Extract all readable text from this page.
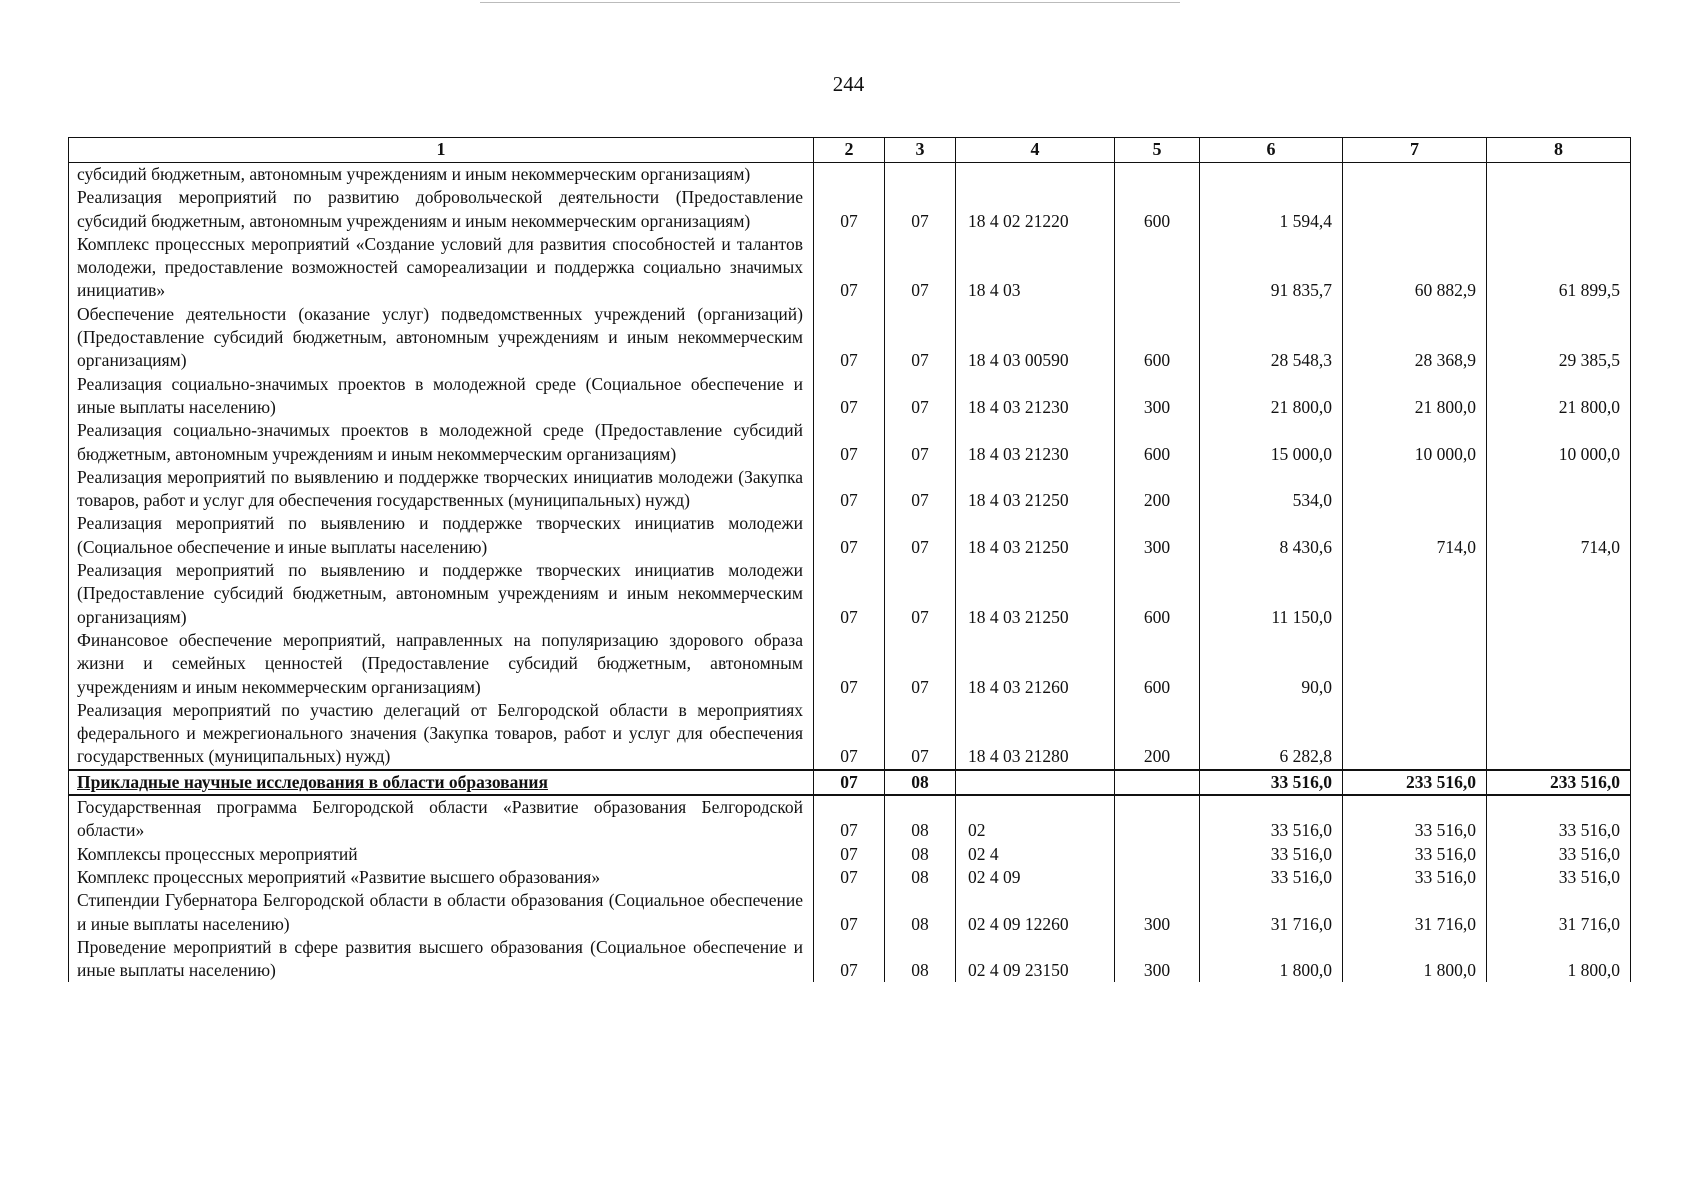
244
1	2	3	4	5	6	7	8
субсидий бюджетным, автономным учреждениям и иным некоммерческим организациям)							
Реализация мероприятий по развитию добровольческой деятельности (Предоставление субсидий бюджетным, автономным учреждениям и иным некоммерческим организациям)	07	07	18 4 02 21220	600	1 594,4		
Комплекс процессных мероприятий «Создание условий для развития способностей и талантов молодежи, предоставление возможностей самореализации и поддержка социально значимых инициатив»	07	07	18 4 03		91 835,7	60 882,9	61 899,5
Обеспечение деятельности (оказание услуг) подведомственных учреждений (организаций) (Предоставление субсидий бюджетным, автономным учреждениям и иным некоммерческим организациям)	07	07	18 4 03 00590	600	28 548,3	28 368,9	29 385,5
Реализация социально-значимых проектов в молодежной среде (Социальное обеспечение и иные выплаты населению)	07	07	18 4 03 21230	300	21 800,0	21 800,0	21 800,0
Реализация социально-значимых проектов в молодежной среде (Предоставление субсидий бюджетным, автономным учреждениям и иным некоммерческим организациям)	07	07	18 4 03 21230	600	15 000,0	10 000,0	10 000,0
Реализация мероприятий по выявлению и поддержке творческих инициатив молодежи (Закупка товаров, работ и услуг для обеспечения государственных (муниципальных) нужд)	07	07	18 4 03 21250	200	534,0		
Реализация мероприятий по выявлению и поддержке творческих инициатив молодежи (Социальное обеспечение и иные выплаты населению)	07	07	18 4 03 21250	300	8 430,6	714,0	714,0
Реализация мероприятий по выявлению и поддержке творческих инициатив молодежи (Предоставление субсидий бюджетным, автономным учреждениям и иным некоммерческим организациям)	07	07	18 4 03 21250	600	11 150,0		
Финансовое обеспечение мероприятий, направленных на популяризацию здорового образа жизни и семейных ценностей (Предоставление субсидий бюджетным, автономным учреждениям и иным некоммерческим организациям)	07	07	18 4 03 21260	600	90,0		
Реализация мероприятий по участию делегаций от Белгородской области в мероприятиях федерального и межрегионального значения (Закупка товаров, работ и услуг для обеспечения государственных (муниципальных) нужд)	07	07	18 4 03 21280	200	6 282,8		
Прикладные научные исследования в области образования	07	08			33 516,0	233 516,0	233 516,0
Государственная программа Белгородской области «Развитие образования Белгородской области»	07	08	02		33 516,0	33 516,0	33 516,0
Комплексы процессных мероприятий	07	08	02 4		33 516,0	33 516,0	33 516,0
Комплекс процессных мероприятий «Развитие высшего образования»	07	08	02 4 09		33 516,0	33 516,0	33 516,0
Стипендии Губернатора Белгородской области в области образования (Социальное обеспечение и иные выплаты населению)	07	08	02 4 09 12260	300	31 716,0	31 716,0	31 716,0
Проведение мероприятий в сфере развития высшего образования (Социальное обеспечение и иные выплаты населению)	07	08	02 4 09 23150	300	1 800,0	1 800,0	1 800,0
